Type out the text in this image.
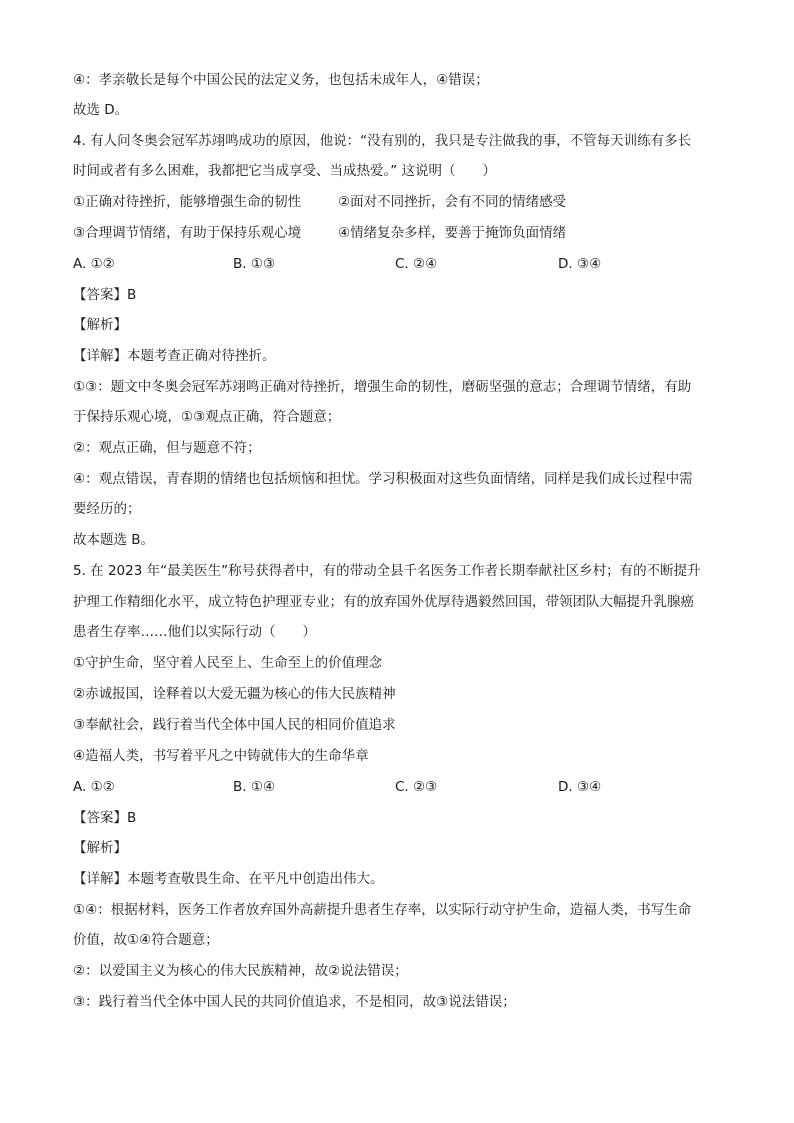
④：孝亲敬长是每个中国公民的法定义务，也包括未成年人，④错误；
故选 D。
4. 有人问冬奥会冠军苏翊鸣成功的原因，他说：“没有别的，我只是专注做我的事，不管每天训练有多长
时间或者有多么困难，我都把它当成享受、当成热爱。” 这说明（　　）
①正确对待挫折，能够增强生命的韧性	②面对不同挫折，会有不同的情绪感受
③合理调节情绪，有助于保持乐观心境	④情绪复杂多样，要善于掩饰负面情绪
A. ①②	B. ①③	C. ②④	D. ③④
【答案】B
【解析】
【详解】本题考查正确对待挫折。
①③：题文中冬奥会冠军苏翊鸣正确对待挫折，增强生命的韧性，磨砺坚强的意志；合理调节情绪，有助
于保持乐观心境，①③观点正确，符合题意；
②：观点正确，但与题意不符；
④：观点错误，青春期的情绪也包括烦恼和担忧。学习积极面对这些负面情绪，同样是我们成长过程中需
要经历的；
故本题选 B。
5. 在 2023 年“最美医生”称号获得者中，有的带动全县千名医务工作者长期奉献社区乡村；有的不断提升
护理工作精细化水平，成立特色护理亚专业；有的放弃国外优厚待遇毅然回国，带领团队大幅提升乳腺癌
患者生存率……他们以实际行动（　　）
①守护生命，坚守着人民至上、生命至上的价值理念
②赤诚报国，诠释着以大爱无疆为核心的伟大民族精神
③奉献社会，践行着当代全体中国人民的相同价值追求
④造福人类，书写着平凡之中铸就伟大的生命华章
A. ①②	B. ①④	C. ②③	D. ③④
【答案】B
【解析】
【详解】本题考查敬畏生命、在平凡中创造出伟大。
①④：根据材料，医务工作者放弃国外高薪提升患者生存率，以实际行动守护生命，造福人类，书写生命
价值，故①④符合题意；
②：以爱国主义为核心的伟大民族精神，故②说法错误；
③：践行着当代全体中国人民的共同价值追求，不是相同，故③说法错误；
